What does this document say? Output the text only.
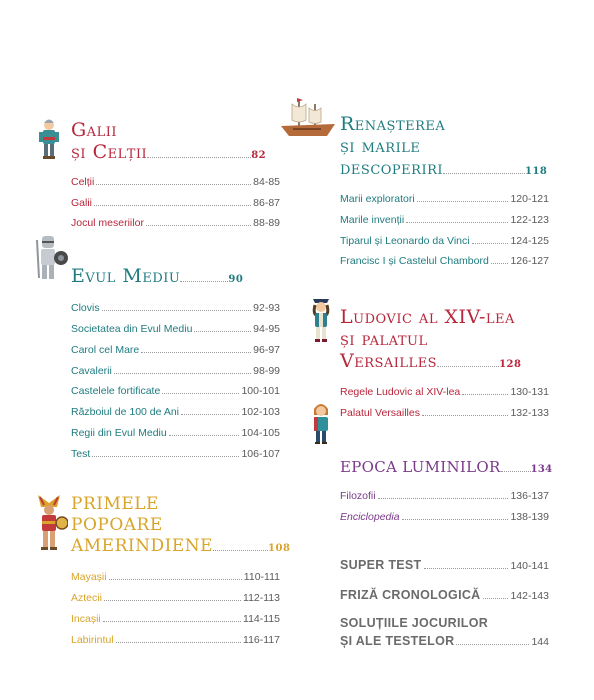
Galii
și Celții	82
Celții	84-85
Galii	86-87
Jocul meseriilor	88-89
Evul Mediu	90
Clovis	92-93
Societatea din Evul Mediu	94-95
Carol cel Mare	96-97
Cavalerii	98-99
Castelele fortificate	100-101
Războiul de 100 de Ani	102-103
Regii din Evul Mediu	104-105
Test	106-107
PRIMELE
POPOARE
AMERINDIENE	108
Mayașii	110-111
Aztecii	112-113
Incașii	114-115
Labirintul	116-117
Renașterea
și marile
descoperiri	118
Marii exploratori	120-121
Marile invenții	122-123
Tiparul și Leonardo da Vinci	124-125
Francisc I și Castelul Chambord 126-127
Ludovic al XIV-lea
și palatul
Versailles	128
Regele Ludovic al XIV-lea	130-131
Palatul Versailles	132-133
EPOCA LUMINILOR	134
Filozofii	136-137
Enciclopedia	138-139
SUPER TEST	140-141
FRIZĂ CRONOLOGICĂ	142-143
SOLUȚIILE JOCURILOR
ȘI ALE TESTELOR	144
